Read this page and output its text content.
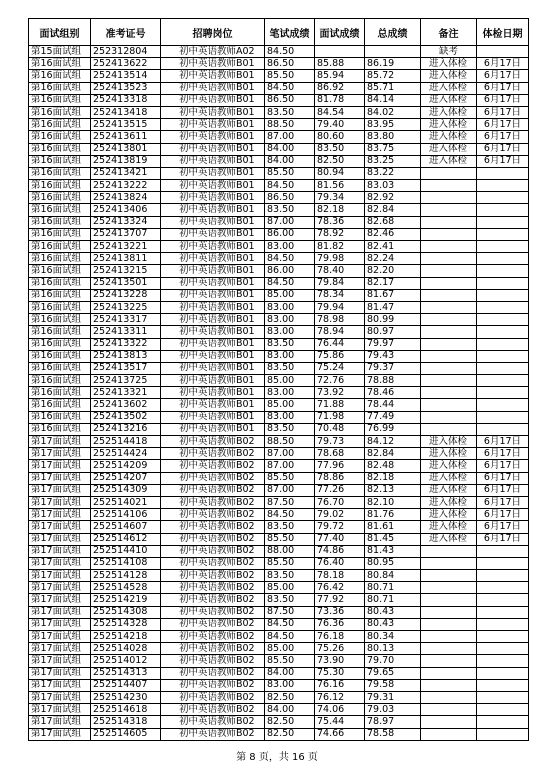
面试组别	准考证号	招聘岗位	笔试成绩	面试成绩	总成绩	备注	体检日期
第15面试组	252312804	初中英语教师A02	84.50			缺考	
第16面试组	252413622	初中英语教师B01	86.50	85.88	86.19	进入体检	6月17日
第16面试组	252413514	初中英语教师B01	85.50	85.94	85.72	进入体检	6月17日
第16面试组	252413523	初中英语教师B01	84.50	86.92	85.71	进入体检	6月17日
第16面试组	252413318	初中英语教师B01	86.50	81.78	84.14	进入体检	6月17日
第16面试组	252413418	初中英语教师B01	83.50	84.54	84.02	进入体检	6月17日
第16面试组	252413515	初中英语教师B01	88.50	79.40	83.95	进入体检	6月17日
第16面试组	252413611	初中英语教师B01	87.00	80.60	83.80	进入体检	6月17日
第16面试组	252413801	初中英语教师B01	84.00	83.50	83.75	进入体检	6月17日
第16面试组	252413819	初中英语教师B01	84.00	82.50	83.25	进入体检	6月17日
第16面试组	252413421	初中英语教师B01	85.50	80.94	83.22		
第16面试组	252413222	初中英语教师B01	84.50	81.56	83.03		
第16面试组	252413824	初中英语教师B01	86.50	79.34	82.92		
第16面试组	252413406	初中英语教师B01	83.50	82.18	82.84		
第16面试组	252413324	初中英语教师B01	87.00	78.36	82.68		
第16面试组	252413707	初中英语教师B01	86.00	78.92	82.46		
第16面试组	252413221	初中英语教师B01	83.00	81.82	82.41		
第16面试组	252413811	初中英语教师B01	84.50	79.98	82.24		
第16面试组	252413215	初中英语教师B01	86.00	78.40	82.20		
第16面试组	252413501	初中英语教师B01	84.50	79.84	82.17		
第16面试组	252413228	初中英语教师B01	85.00	78.34	81.67		
第16面试组	252413225	初中英语教师B01	83.00	79.94	81.47		
第16面试组	252413317	初中英语教师B01	83.00	78.98	80.99		
第16面试组	252413311	初中英语教师B01	83.00	78.94	80.97		
第16面试组	252413322	初中英语教师B01	83.50	76.44	79.97		
第16面试组	252413813	初中英语教师B01	83.00	75.86	79.43		
第16面试组	252413517	初中英语教师B01	83.50	75.24	79.37		
第16面试组	252413725	初中英语教师B01	85.00	72.76	78.88		
第16面试组	252413321	初中英语教师B01	83.00	73.92	78.46		
第16面试组	252413602	初中英语教师B01	85.00	71.88	78.44		
第16面试组	252413502	初中英语教师B01	83.00	71.98	77.49		
第16面试组	252413216	初中英语教师B01	83.50	70.48	76.99		
第17面试组	252514418	初中英语教师B02	88.50	79.73	84.12	进入体检	6月17日
第17面试组	252514424	初中英语教师B02	87.00	78.68	82.84	进入体检	6月17日
第17面试组	252514209	初中英语教师B02	87.00	77.96	82.48	进入体检	6月17日
第17面试组	252514207	初中英语教师B02	85.50	78.86	82.18	进入体检	6月17日
第17面试组	252514309	初中英语教师B02	87.00	77.26	82.13	进入体检	6月17日
第17面试组	252514021	初中英语教师B02	87.50	76.70	82.10	进入体检	6月17日
第17面试组	252514106	初中英语教师B02	84.50	79.02	81.76	进入体检	6月17日
第17面试组	252514607	初中英语教师B02	83.50	79.72	81.61	进入体检	6月17日
第17面试组	252514612	初中英语教师B02	85.50	77.40	81.45	进入体检	6月17日
第17面试组	252514410	初中英语教师B02	88.00	74.86	81.43		
第17面试组	252514108	初中英语教师B02	85.50	76.40	80.95		
第17面试组	252514128	初中英语教师B02	83.50	78.18	80.84		
第17面试组	252514528	初中英语教师B02	85.00	76.42	80.71		
第17面试组	252514219	初中英语教师B02	83.50	77.92	80.71		
第17面试组	252514308	初中英语教师B02	87.50	73.36	80.43		
第17面试组	252514328	初中英语教师B02	84.50	76.36	80.43		
第17面试组	252514218	初中英语教师B02	84.50	76.18	80.34		
第17面试组	252514028	初中英语教师B02	85.00	75.26	80.13		
第17面试组	252514012	初中英语教师B02	85.50	73.90	79.70		
第17面试组	252514313	初中英语教师B02	84.00	75.30	79.65		
第17面试组	252514407	初中英语教师B02	83.00	76.16	79.58		
第17面试组	252514230	初中英语教师B02	82.50	76.12	79.31		
第17面试组	252514618	初中英语教师B02	84.00	74.06	79.03		
第17面试组	252514318	初中英语教师B02	82.50	75.44	78.97		
第17面试组	252514605	初中英语教师B02	82.50	74.66	78.58		
第 8 页，共 16 页
